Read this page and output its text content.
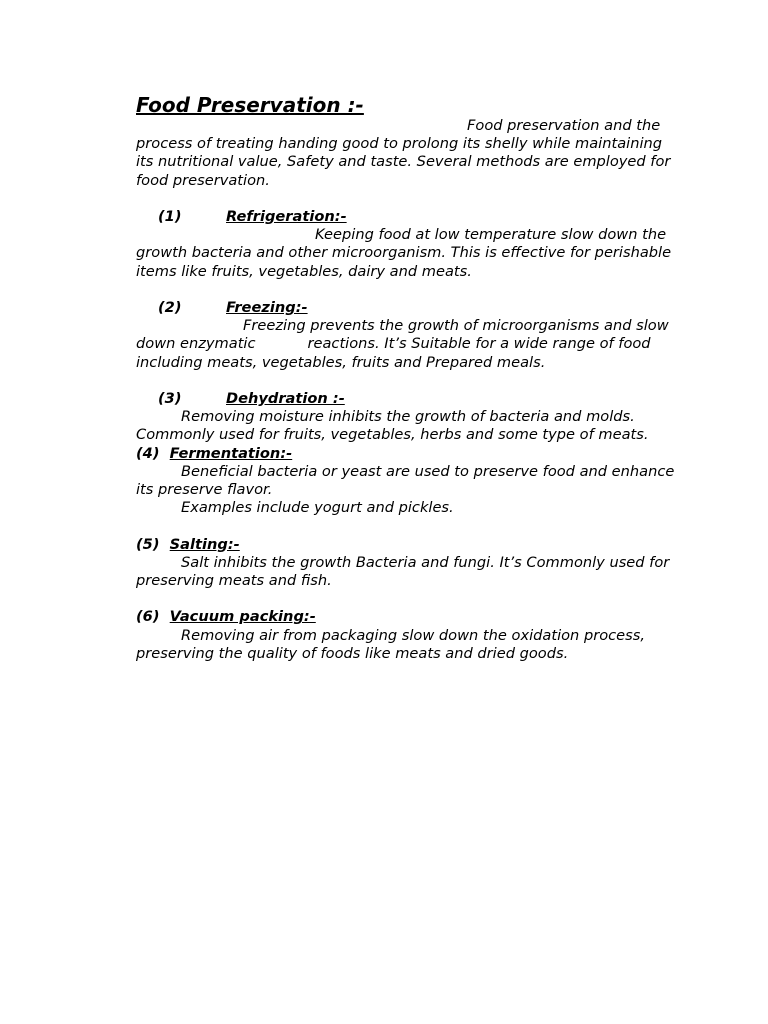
Food Preservation :-

Food preservation and the process of treating handing good to prolong its shelly while maintaining its nutritional value, Safety and taste. Several methods are employed for food preservation.

(1)	Refrigeration:-

Keeping food at low temperature slow down the growth bacteria and other microorganism. This is effective for perishable items like fruits, vegetables, dairy and meats.

(2)	Freezing:-

Freezing prevents the growth of microorganisms and slow down enzymatic	reactions. It’s Suitable for a wide range of food including meats, vegetables, fruits and Prepared meals.

(3)	Dehydration :-

Removing moisture inhibits the growth of bacteria and molds. Commonly used for fruits, vegetables, herbs and some type of meats.

(4)  Fermentation:-

Beneficial bacteria or yeast are used to preserve food and enhance its preserve flavor.

Examples include yogurt and pickles.

(5)  Salting:-

Salt inhibits the growth Bacteria and fungi. It’s Commonly used for preserving meats and fish.

(6)  Vacuum packing:-

Removing air from packaging slow down the oxidation process, preserving the quality of foods like meats and dried goods.
